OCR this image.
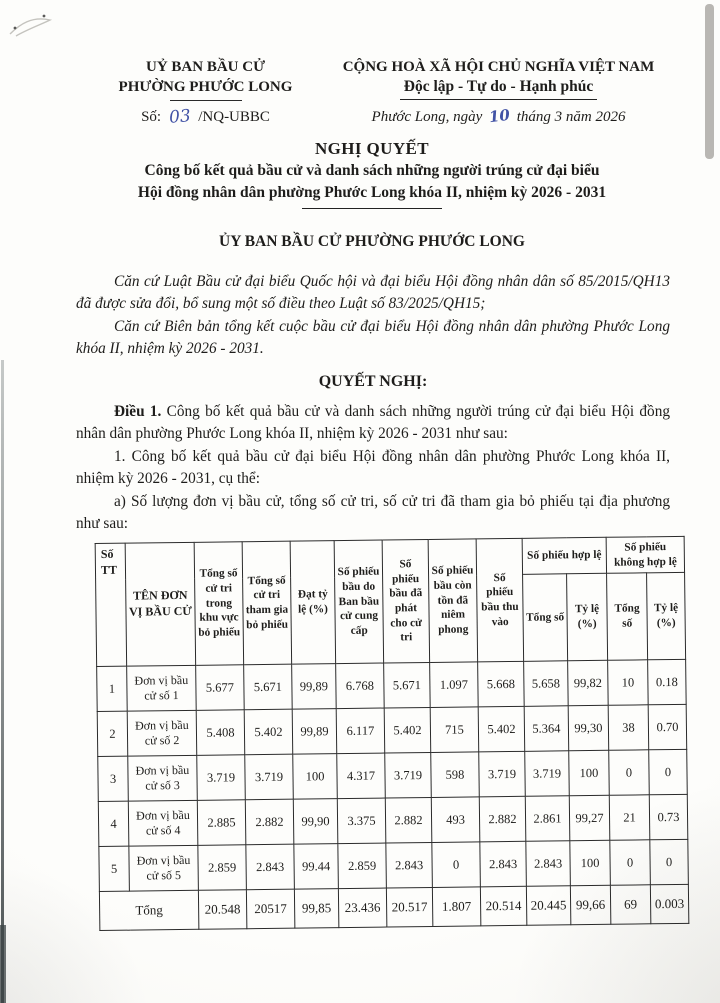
UỶ BAN BẦU CỬ
PHƯỜNG PHƯỚC LONG
Số: 03 /NQ-UBBC
CỘNG HOÀ XÃ HỘI CHỦ NGHĨA VIỆT NAM
Độc lập - Tự do - Hạnh phúc
Phước Long, ngày 10 tháng 3 năm 2026
NGHỊ QUYẾT
Công bố kết quả bầu cử và danh sách những người trúng cử đại biểu
Hội đồng nhân dân phường Phước Long khóa II, nhiệm kỳ 2026 - 2031
ỦY BAN BẦU CỬ PHƯỜNG PHƯỚC LONG

Căn cứ Luật Bầu cử đại biểu Quốc hội và đại biểu Hội đồng nhân dân số 85/2015/QH13 đã được sửa đổi, bổ sung một số điều theo Luật số 83/2025/QH15;

Căn cứ Biên bản tổng kết cuộc bầu cử đại biểu Hội đồng nhân dân phường Phước Long khóa II, nhiệm kỳ 2026 - 2031.

QUYẾT NGHỊ:

Điều 1. Công bố kết quả bầu cử và danh sách những người trúng cử đại biểu Hội đồng nhân dân phường Phước Long khóa II, nhiệm kỳ 2026 - 2031 như sau:

1. Công bố kết quả bầu cử đại biểu Hội đồng nhân dân phường Phước Long khóa II, nhiệm kỳ 2026 - 2031, cụ thể:

a) Số lượng đơn vị bầu cử, tổng số cử tri, số cử tri đã tham gia bỏ phiếu tại địa phương như sau:

Số TT	TÊN ĐƠN VỊ BẦU CỬ	Tổng số cử tri trong khu vực bỏ phiếu	Tổng số cử tri tham gia bỏ phiếu	Đạt tỷ lệ (%)	Số phiếu bầu do Ban bầu cử cung cấp	Số phiếu bầu đã phát cho cử tri	Số phiếu bầu còn tồn đã niêm phong	Số phiếu bầu thu vào	Số phiếu hợp lệ		Số phiếu không hợp lệ	
									Tổng số	Tỷ lệ (%)	Tổng số	Tỷ lệ (%)
1	Đơn vị bầu cử số 1	5.677	5.671	99,89	6.768	5.671	1.097	5.668	5.658	99,82	10	0.18
2	Đơn vị bầu cử số 2	5.408	5.402	99,89	6.117	5.402	715	5.402	5.364	99,30	38	0.70
3	Đơn vị bầu cử số 3	3.719	3.719	100	4.317	3.719	598	3.719	3.719	100	0	0
4	Đơn vị bầu cử số 4	2.885	2.882	99,90	3.375	2.882	493	2.882	2.861	99,27	21	0.73
5	Đơn vị bầu cử số 5	2.859	2.843	99.44	2.859	2.843	0	2.843	2.843	100	0	0
Tổng		20.548	20517	99,85	23.436	20.517	1.807	20.514	20.445	99,66	69	0.003
